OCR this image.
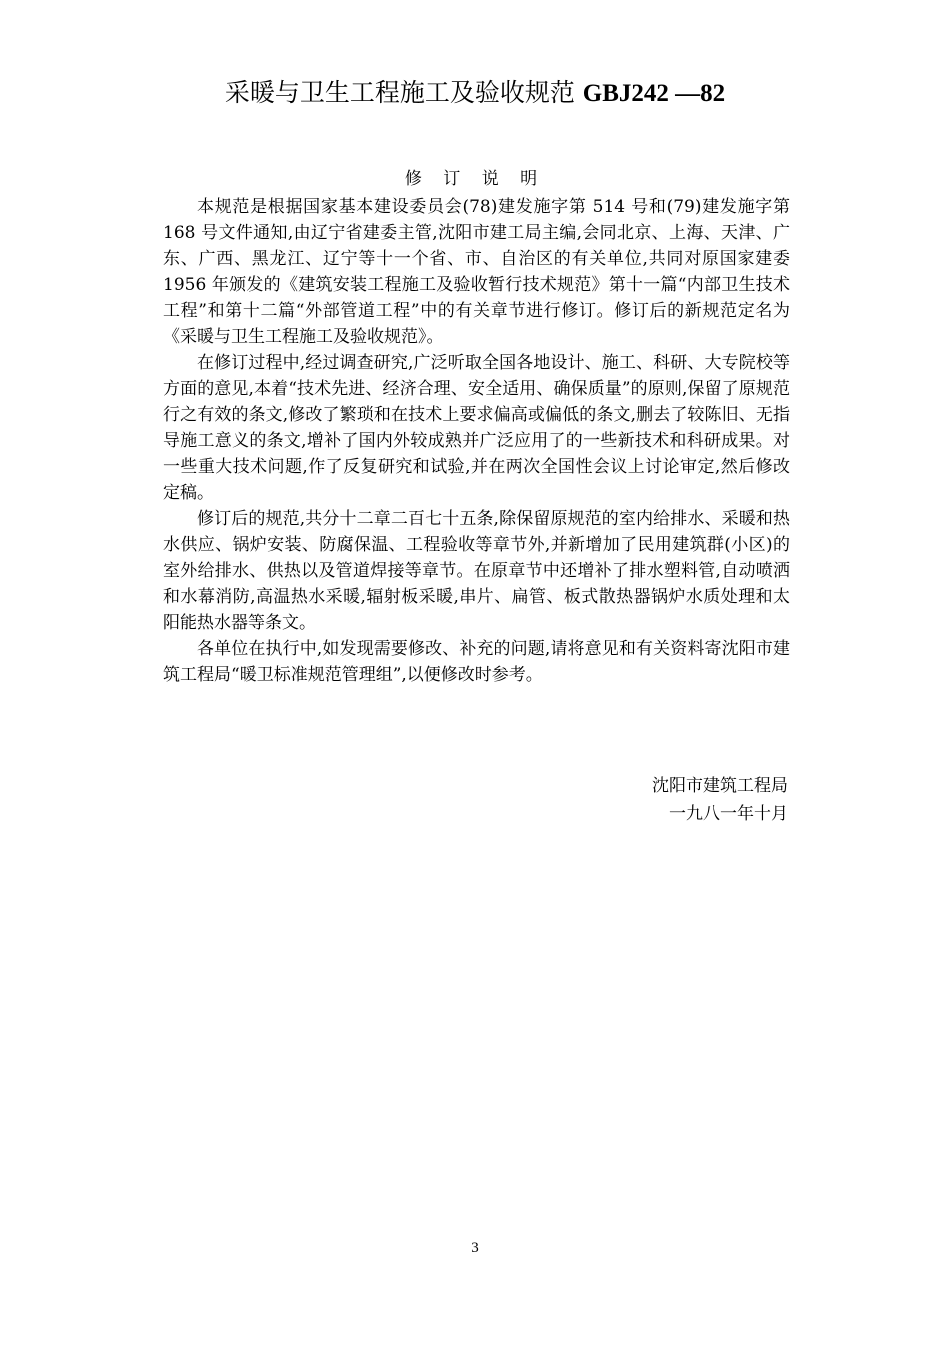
采暖与卫生工程施工及验收规范 GBJ242 —82
修 订 说 明

本规范是根据国家基本建设委员会(78)建发施字第 514 号和(79)建发施字第 168 号文件通知,由辽宁省建委主管,沈阳市建工局主编,会同北京、上海、天津、广东、广西、黑龙江、辽宁等十一个省、市、自治区的有关单位,共同对原国家建委 1956 年颁发的《建筑安装工程施工及验收暂行技术规范》第十一篇“内部卫生技术工程”和第十二篇“外部管道工程”中的有关章节进行修订。修订后的新规范定名为《采暖与卫生工程施工及验收规范》。

在修订过程中,经过调查研究,广泛听取全国各地设计、施工、科研、大专院校等方面的意见,本着“技术先进、经济合理、安全适用、确保质量”的原则,保留了原规范行之有效的条文,修改了繁琐和在技术上要求偏高或偏低的条文,删去了较陈旧、无指导施工意义的条文,增补了国内外较成熟并广泛应用了的一些新技术和科研成果。对一些重大技术问题,作了反复研究和试验,并在两次全国性会议上讨论审定,然后修改定稿。

修订后的规范,共分十二章二百七十五条,除保留原规范的室内给排水、采暖和热水供应、锅炉安装、防腐保温、工程验收等章节外,并新增加了民用建筑群(小区)的室外给排水、供热以及管道焊接等章节。在原章节中还增补了排水塑料管,自动喷洒和水幕消防,高温热水采暖,辐射板采暖,串片、扁管、板式散热器锅炉水质处理和太阳能热水器等条文。

各单位在执行中,如发现需要修改、补充的问题,请将意见和有关资料寄沈阳市建筑工程局“暖卫标准规范管理组”,以便修改时参考。

沈阳市建筑工程局
一九八一年十月
3
